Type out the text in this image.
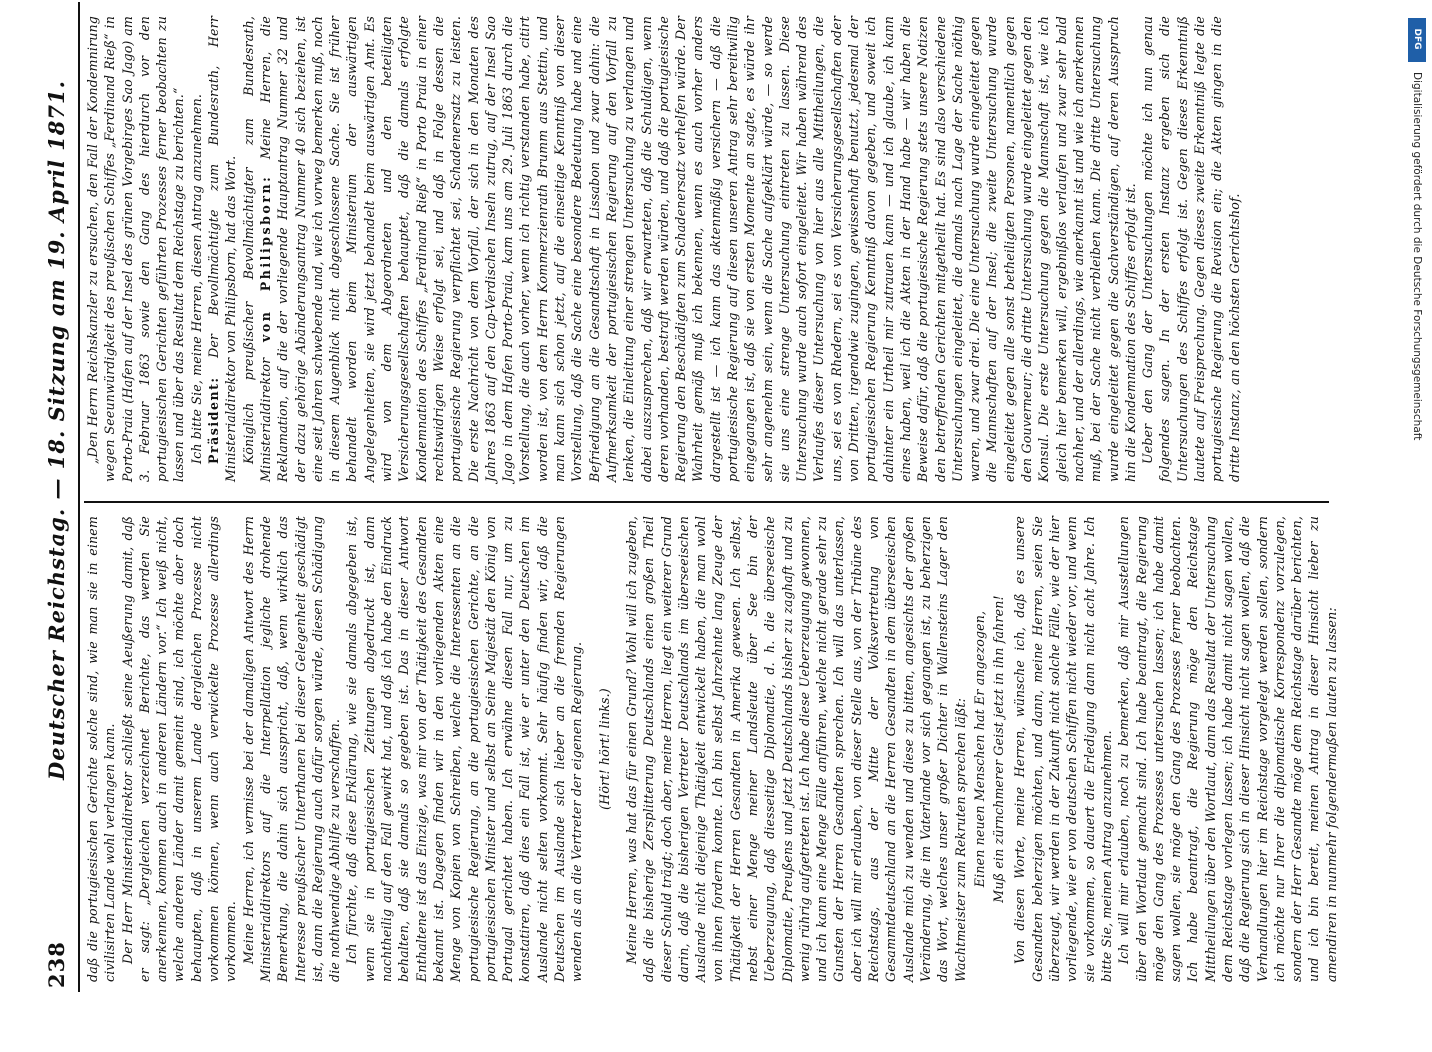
238
Deutscher Reichstag. — 18. Sitzung am 19. April 1871. daß die portugiesischen Gerichte solche sind, wie man sie in einem civilisirten Lande wohl verlangen kann. Der Herr Ministerialdirektor schließt seine Aeußerung damit, daß er sagt: „Dergleichen verzeichnet Berichte, das werden Sie anerkennen, kommen auch in anderen Ländern vor.“ Ich weiß nicht, welche anderen Länder damit gemeint sind, ich möchte aber doch behaupten, daß in unserem Lande dergleichen Prozesse nicht vorkommen können, wenn auch verwickelte Prozesse allerdings vorkommen. Meine Herren, ich vermisse bei der damaligen Antwort des Herrn Ministerialdirektors auf die Interpellation jegliche drohende Bemerkung, die dahin sich ausspricht, daß, wenn wirklich das Interesse preußischer Unterthanen bei dieser Gelegenheit geschädigt ist, dann die Regierung auch dafür sorgen würde, diesen Schädigung die nothwendige Abhilfe zu verschaffen. Ich fürchte, daß diese Erklärung, wie sie damals abgegeben ist, wenn sie in portugiesischen Zeitungen abgedruckt ist, dann nachtheilig auf den Fall gewirkt hat, und daß ich habe den Eindruck behalten, daß sie damals so gegeben ist. Das in dieser Antwort Enthaltene ist das Einzige, was mir von der Thätigkeit des Gesandten bekannt ist. Dagegen finden wir in den vorliegenden Akten eine Menge von Kopien von Schreiben, welche die Interessenten an die portugiesische Regierung, an die portugiesischen Gerichte, an die portugiesischen Minister und selbst an Seine Majestät den König von Portugal gerichtet haben. Ich erwähne diesen Fall nur, um zu konstatiren, daß dies ein Fall ist, wie er unter den Deutschen im Auslande nicht selten vorkommt. Sehr häufig finden wir, daß die Deutschen im Auslande sich lieber an die fremden Regierungen wenden als an die Vertreter der eigenen Regierung. (Hört! hört! links.) Meine Herren, was hat das für einen Grund? Wohl will ich zugeben, daß die bisherige Zersplitterung Deutschlands einen großen Theil dieser Schuld trägt; doch aber, meine Herren, liegt ein weiterer Grund darin, daß die bisherigen Vertreter Deutschlands im überseeischen Auslande nicht diejenige Thätigkeit entwickelt haben, die man wohl von ihnen fordern konnte. Ich bin selbst Jahrzehnte lang Zeuge der Thätigkeit der Herren Gesandten in Amerika gewesen. Ich selbst, nebst einer Menge meiner Landsleute über See bin der Ueberzeugung, daß diesseitige Diplomatie, d. h. die überseeische Diplomatie, Preußens und jetzt Deutschlands bisher zu zaghaft und zu wenig rührig aufgetreten ist. Ich habe diese Ueberzeugung gewonnen, und ich kann eine Menge Fälle anführen, welche nicht gerade sehr zu Gunsten der Herren Gesandten sprechen. Ich will das unterlassen, aber ich will mir erlauben, von dieser Stelle aus, von der Tribüne des Reichstags, aus der Mitte der Volksvertretung von Gesammtdeutschland an die Herren Gesandten in dem überseeischen Auslande mich zu wenden und diese zu bitten, angesichts der großen Veränderung, die im Vaterlande vor sich gegangen ist, zu beherzigen das Wort, welches unser großer Dichter in Wallensteins Lager den Wachtmeister zum Rekruten sprechen läßt: Einen neuen Menschen hat Er angezogen, Muß ein zürnchmerer Geist jetzt in ihn fahren! Von diesen Worte, meine Herren, wünsche ich, daß es unsere Gesandten beherzigen möchten, und dann, meine Herren, seien Sie überzeugt, wir werden in der Zukunft nicht solche Fälle, wie der hier vorliegende, wie er von deutschen Schiffen nicht wieder vor, und wenn sie vorkommen, so dauert die Erledigung dann nicht acht Jahre. Ich bitte Sie, meinen Antrag anzunehmen. Ich will mir erlauben, noch zu bemerken, daß mir Ausstellungen über den Wortlaut gemacht sind. Ich habe beantragt, die Regierung möge den Gang des Prozesses untersuchen lassen; ich habe damit sagen wollen, sie möge den Gang des Prozesses ferner beobachten. Ich habe beantragt, die Regierung möge den Reichstage Mittheilungen über den Wortlaut, dann das Resultat der Untersuchung dem Reichstage vorlegen lassen; ich habe damit nicht sagen wollen, daß die Regierung sich in dieser Hinsicht nicht sagen wollen, daß die Verhandlungen hier im Reichstage vorgelegt werden sollen, sondern ich möchte nur Ihrer die diplomatische Korrespondenz vorzulegen, sondern der Herr Gesandte möge dem Reichstage darüber berichten, und ich bin bereit, meinen Antrag in dieser Hinsicht lieber zu amendiren in nunmehr folgendermaßen lauten zu lassen:

„Den Herrn Reichskanzler zu ersuchen, den Fall der Kondemnirung wegen Seeunwürdigkeit des preußischen Schiffes „Ferdinand Rieß“ in Porto-Praia (Hafen auf der Insel des grünen Vorgebirges Sao Jago) am 3. Februar 1863 sowie den Gang des hierdurch vor den portugiesischen Gerichten geführten Prozesses ferner beobachten zu lassen und über das Resultat dem Reichstage zu berichten.“ Ich bitte Sie, meine Herren, diesen Antrag anzunehmen. Präsident: Der Bevollmächtigte zum Bundesrath, Herr Ministerialdirektor von Philipsborn, hat das Wort. Königlich preußischer Bevollmächtigter zum Bundesrath, Ministerialdirektor von Philipsborn: Meine Herren, die Reklamation, auf die der vorliegende Hauptantrag Nummer 32 und der dazu gehörige Abänderungsantrag Nummer 40 sich beziehen, ist eine seit Jahren schwebende und, wie ich vorweg bemerken muß, noch in diesem Augenblick nicht abgeschlossene Sache. Sie ist früher behandelt worden beim Ministerium der auswärtigen Angelegenheiten, sie wird jetzt behandelt beim auswärtigen Amt. Es wird von dem Abgeordneten und den beteiligten Versicherungsgesellschaften behauptet, daß die damals erfolgte Kondemnation des Schiffes „Ferdinand Rieß“ in Porto Praia in einer rechtswidrigen Weise erfolgt sei, und daß in Folge dessen die portugiesische Regierung verpflichtet sei, Schadenersatz zu leisten. Die erste Nachricht von dem Vorfall, der sich in den Monaten des Jahres 1863 auf den Cap-Verdischen Inseln zutrug, auf der Insel Sao Jago in dem Hafen Porto-Praia, kam uns am 29. Juli 1863 durch die Vorstellung, die auch vorher, wenn ich richtig verstanden habe, citirt worden ist, von dem Herrn Kommerzienrath Brumm aus Stettin, und man kann sich schon jetzt, auf die einseitige Kenntniß von dieser Vorstellung, daß die Sache eine besondere Bedeutung habe und eine Befriedigung an die Gesandtschaft in Lissabon und zwar dahin: die Aufmerksamkeit der portugiesischen Regierung auf den Vorfall zu lenken, die Einleitung einer strengen Untersuchung zu verlangen und dabei auszusprechen, daß wir erwarteten, daß die Schuldigen, wenn deren vorhanden, bestraft werden würden, und daß die portugiesische Regierung den Beschädigten zum Schadenersatz verhelfen würde. Der Wahrheit gemäß muß ich bekennen, wenn es auch vorher anders dargestellt ist — ich kann das aktenmäßig versichern — daß die portugiesische Regierung auf diesen unseren Antrag sehr bereitwillig eingegangen ist, daß sie von ersten Momente an sagte, es würde ihr sehr angenehm sein, wenn die Sache aufgeklärt würde, — so werde sie uns eine strenge Untersuchung eintreten zu lassen. Diese Untersuchung wurde auch sofort eingeleitet. Wir haben während des Verlaufes dieser Untersuchung von hier aus alle Mittheilungen, die uns, sei es von Rhedern, sei es von Versicherungsgesellschaften oder von Dritten, irgendwie zugingen, gewissenhaft benutzt, jedesmal der portugiesischen Regierung Kenntniß davon gegeben, und soweit ich dahinter ein Urtheil mir zutrauen kann — und ich glaube, ich kann eines haben, weil ich die Akten in der Hand habe — wir haben die Beweise dafür, daß die portugiesische Regierung stets unsere Notizen den betreffenden Gerichten mitgetheilt hat. Es sind also verschiedene Untersuchungen eingeleitet, die damals nach Lage der Sache nöthig waren, und zwar drei. Die eine Untersuchung wurde eingeleitet gegen die Mannschaften auf der Insel; die zweite Untersuchung wurde eingeleitet gegen alle sonst betheiligten Personen, namentlich gegen den Gouverneur; die dritte Untersuchung wurde eingeleitet gegen den Konsul. Die erste Untersuchung gegen die Mannschaft ist, wie ich gleich hier bemerken will, ergebnißlos verlaufen und zwar sehr bald nachher, und der allerdings, wie anerkannt ist und wie ich anerkennen muß, bei der Sache nicht verbleiben kann. Die dritte Untersuchung wurde eingeleitet gegen die Sachverständigen, auf deren Ausspruch hin die Kondemnation des Schiffes erfolgt ist. Ueber den Gang der Untersuchungen möchte ich nun genau folgendes sagen. In der ersten Instanz ergeben sich die Untersuchungen des Schiffes erfolgt ist. Gegen dieses Erkenntniß lautete auf Freisprechung. Gegen dieses zweite Erkenntniß legte die portugiesische Regierung die Revision ein; die Akten gingen in die dritte Instanz, an den höchsten Gerichtshof.

DFG
Digitalisierung gefördert durch die Deutsche Forschungsgemeinschaft
